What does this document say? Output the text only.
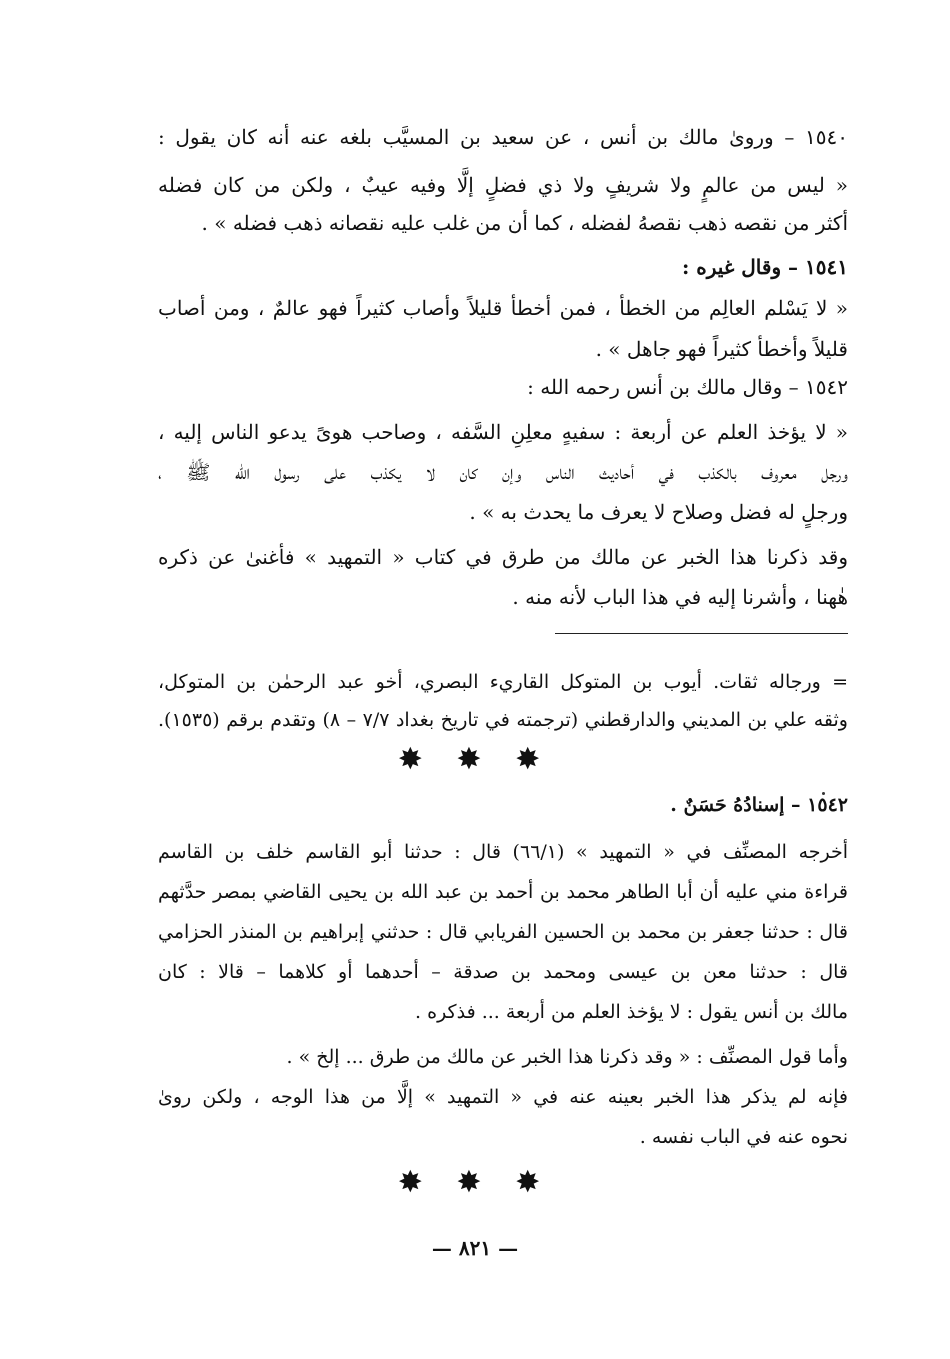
١٥٤٠ – وروىٰ مالك بن أنس ، عن سعيد بن المسيَّب بلغه عنه أنه كان يقول :
« ليس من عالمٍ ولا شريفٍ ولا ذي فضلٍ إلَّا وفيه عيبٌ ، ولكن من كان فضله
أكثر من نقصه ذهب نقصهُ لفضله ، كما أن من غلب عليه نقصانه ذهب فضله » .
١٥٤١ – وقال غيره :
« لا يَسْلم العالِم من الخطأ ، فمن أخطأ قليلاً وأصاب كثيراً فهو عالمٌ ، ومن أصاب
قليلاً وأخطأ كثيراً فهو جاهل » .
١٥٤٢ – وقال مالك بن أنس رحمه الله :
« لا يؤخذ العلم عن أربعة : سفيهٍ معلِنِ السَّفه ، وصاحب هوىً يدعو الناس إليه ،
ورجل معروف بالكذب في أحاديث الناس وإن كان لا يكذب على رسول الله ﷺ ،
ورجلٍ له فضل وصلاح لا يعرف ما يحدث به » .
وقد ذكرنا هذا الخبر عن مالك من طرق في كتاب « التمهيد » فأغنىٰ عن ذكره
هٰهنا ، وأشرنا إليه في هذا الباب لأنه منه .
= ورجاله ثقات. أيوب بن المتوكل القاريء البصري، أخو عبد الرحمٰن بن المتوكل،
وثقه علي بن المديني والدارقطني (ترجمته في تاريخ بغداد ٧/٧ – ٨) وتقدم برقم (١٥٣٥).
✸ ✸ ✸
١٥٤٢ – إسنادُهُ حَسَنٌ .
أخرجه المصنِّف في « التمهيد » (٦٦/١) قال : حدثنا أبو القاسم خلف بن القاسم
قراءة مني عليه أن أبا الطاهر محمد بن أحمد بن عبد الله بن يحيى القاضي بمصر حدَّثهم
قال : حدثنا جعفر بن محمد بن الحسين الفريابي قال : حدثني إبراهيم بن المنذر الحزامي
قال : حدثنا معن بن عيسى ومحمد بن صدقة – أحدهما أو كلاهما – قالا : كان
مالك بن أنس يقول : لا يؤخذ العلم من أربعة ... فذكره .
وأما قول المصنِّف : « وقد ذكرنا هذا الخبر عن مالك من طرق ... إلخ » .
فإنه لم يذكر هذا الخبر بعينه عنه في « التمهيد » إلَّا من هذا الوجه ، ولكن روىٰ
نحوه عنه في الباب نفسه .
✸ ✸ ✸
— ٨٢١ —
